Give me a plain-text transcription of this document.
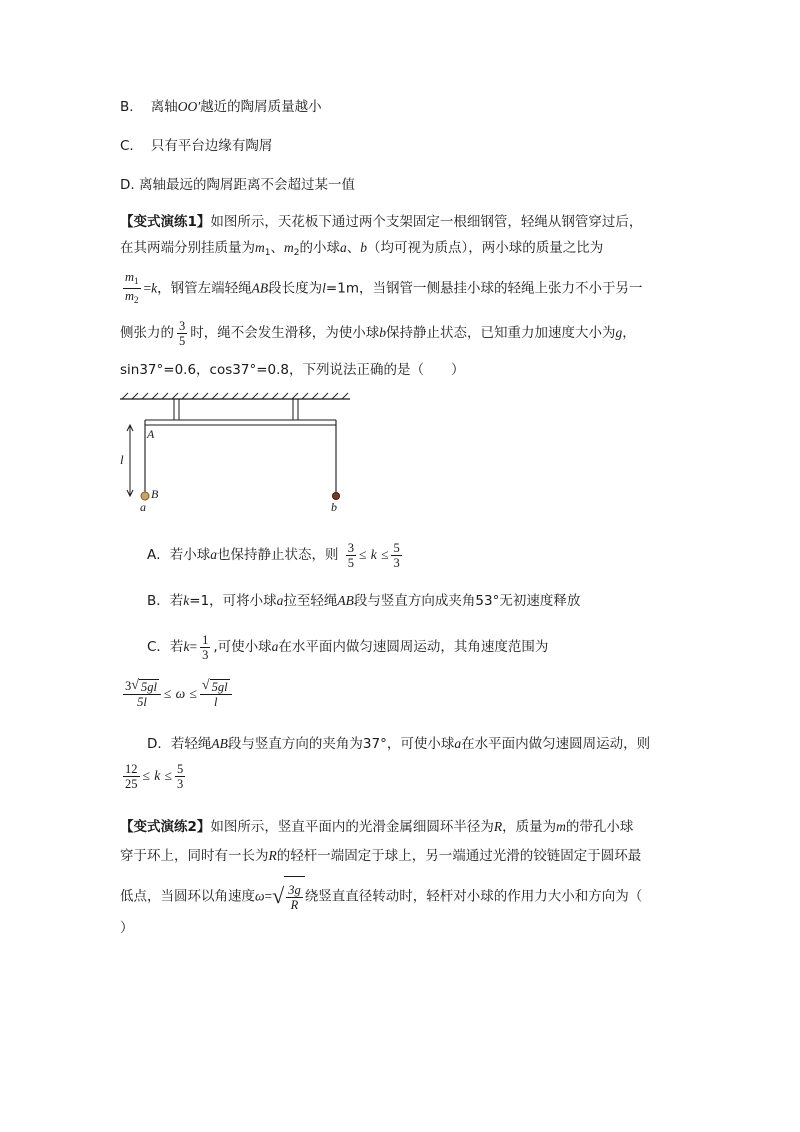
B. 离轴OO′越近的陶屑质量越小
C. 只有平台边缘有陶屑
D. 离轴最远的陶屑距离不会超过某一值
【变式演练1】如图所示，天花板下通过两个支架固定一根细钢管，轻绳从钢管穿过后，
在其两端分别挂质量为$m_1$、$m_2$的小球a、b（均可视为质点），两小球的质量之比为
$\frac{m_1}{m_2} =k$，钢管左端轻绳AB段长度为l=1m，当钢管一侧悬挂小球的轻绳上张力不小于另一
侧张力的 $\frac{3}{5}$ 时，绳不会发生滑移，为使小球b保持静止状态，已知重力加速度大小为g，
sin37°=0.6，cos37°=0.8，下列说法正确的是（　　）
A
l
B
a	b
A．若小球a也保持静止状态，则 $\frac{3}{5} \le k \le \frac{5}{3}$
B．若k=1，可将小球a拉至轻绳AB段与竖直方向成夹角53°无初速度释放
C．若$k= \frac{1}{3}$ ,可使小球a在水平面内做匀速圆周运动，其角速度范围为
$\frac{3 √ 5gl}{5l} \le \omega \le \frac{√ 5gl}{l}$
D．若轻绳AB段与竖直方向的夹角为37°，可使小球a在水平面内做匀速圆周运动，则
$\frac{12}{25} \le k \le \frac{5}{3}$
【变式演练2】如图所示，竖直平面内的光滑金属细圆环半径为R，质量为m的带孔小球
穿于环上，同时有一长为R的轻杆一端固定于球上，另一端通过光滑的铰链固定于圆环最
低点，当圆环以角速度ω= √ $\frac{3g}{R}$ 绕竖直直径转动时，轻杆对小球的作用力大小和方向为（
）
